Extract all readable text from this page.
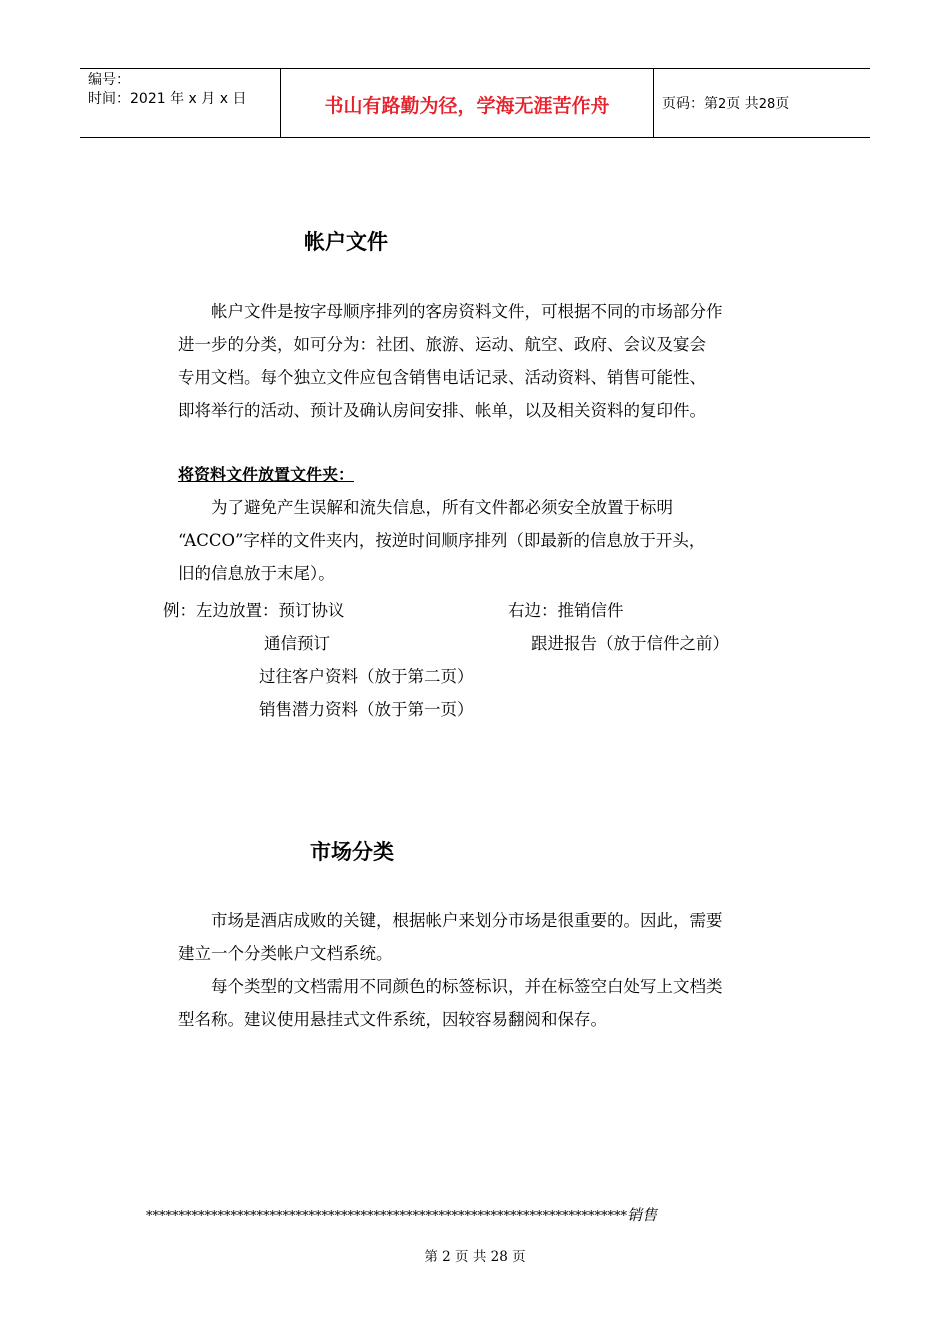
编号：
时间：2021 年 x 月 x 日	书山有路勤为径，学海无涯苦作舟	页码：第2页 共28页
帐户文件
帐户文件是按字母顺序排列的客房资料文件，可根据不同的市场部分作
进一步的分类，如可分为：社团、旅游、运动、航空、政府、会议及宴会
专用文档。每个独立文件应包含销售电话记录、活动资料、销售可能性、
即将举行的活动、预计及确认房间安排、帐单，以及相关资料的复印件。
将资料文件放置文件夹：
为了避免产生误解和流失信息，所有文件都必须安全放置于标明
“ACCO”字样的文件夹内，按逆时间顺序排列（即最新的信息放于开头，
旧的信息放于末尾）。
例：左边放置：预订协议	右边：推销信件
通信预订	跟进报告（放于信件之前）
过往客户资料（放于第二页）
销售潜力资料（放于第一页）
市场分类
市场是酒店成败的关键，根据帐户来划分市场是很重要的。因此，需要
建立一个分类帐户文档系统。
每个类型的文档需用不同颜色的标签标识，并在标签空白处写上文档类
型名称。建议使用悬挂式文件系统，因较容易翻阅和保存。
**************************************************************************销售
第 2 页 共 28 页
